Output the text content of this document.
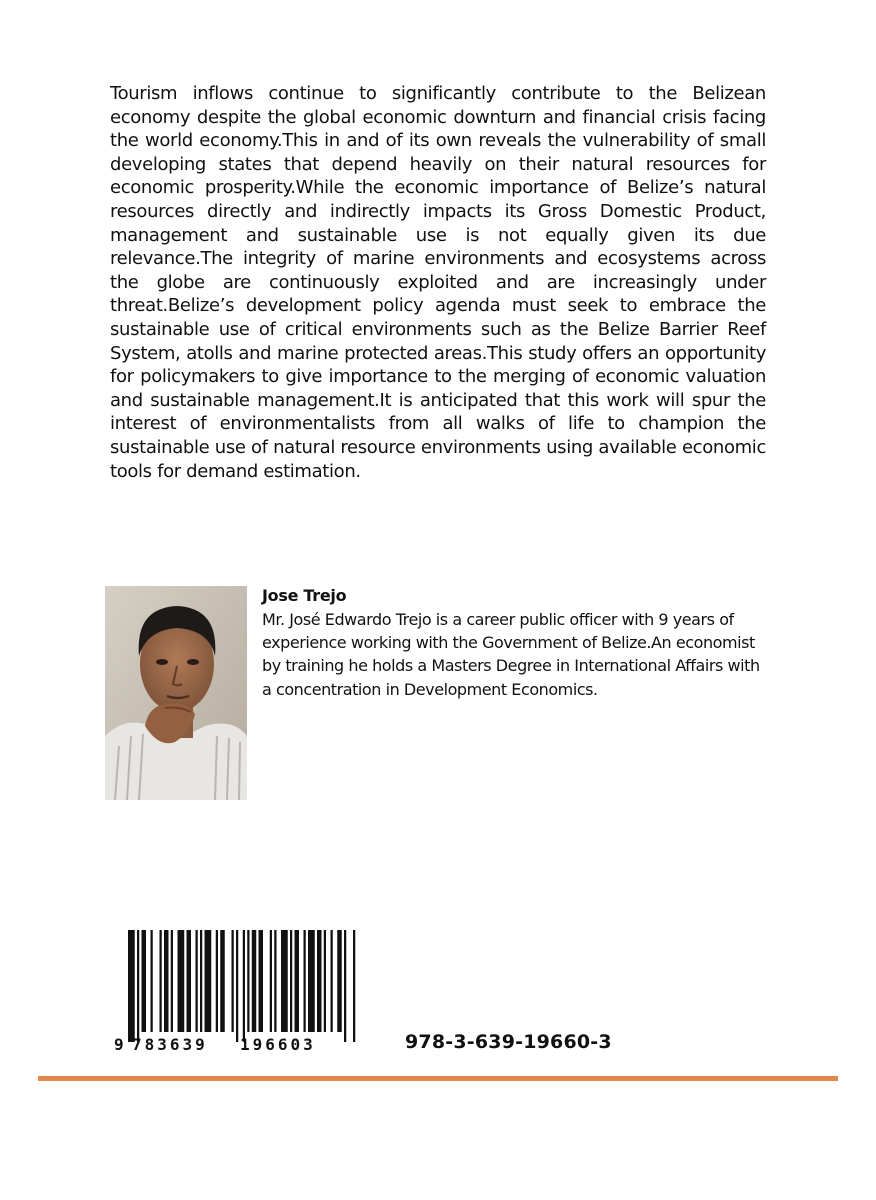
Tourism inflows continue to significantly contribute to the Belizean economy despite the global economic downturn and financial crisis facing the world economy.This in and of its own reveals the vulnerability of small developing states that depend heavily on their natural resources for economic prosperity.While the economic importance of Belize’s natural resources directly and indirectly impacts its Gross Domestic Product, management and sustainable use is not equally given its due relevance.The integrity of marine environments and ecosystems across the globe are continuously exploited and are increasingly under threat.Belize’s development policy agenda must seek to embrace the sustainable use of critical environments such as the Belize Barrier Reef System, atolls and marine protected areas.This study offers an opportunity for policymakers to give importance to the merging of economic valuation and sustainable management.It is anticipated that this work will spur the interest of environmentalists from all walks of life to champion the sustainable use of natural resource environments using available economic tools for demand estimation.

Jose Trejo

Mr. José Edwardo Trejo is a career public officer with 9 years of experience working with the Government of Belize.An economist by training he holds a Masters Degree in International Affairs with a concentration in Development Economics.

9 783639 196603	978-3-639-19660-3
